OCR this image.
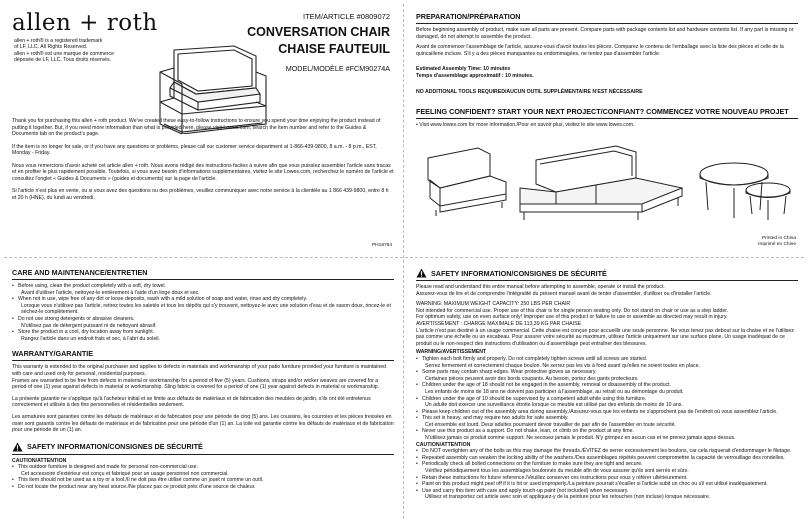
allen + roth
allen + roth® is a registered trademark
of LF, LLC. All Rights Reserved.
allen + roth® est une marque de commerce
déposée de LF, LLC. Tous droits réservés.
ITEM/ARTICLE #0809072
CONVERSATION CHAIR
CHAISE FAUTEUIL
MODEL/MODÈLE #FCM90274A

Thank you for purchasing this allen + roth product. We've created these easy-to-follow instructions to ensure you spend your time enjoying the product instead of putting it together. But, if you need more information than what is provided here, please visit Lowes.com, search the item number and refer to the Guides & Documents tab on the product's page.

If the item is no longer for sale, or if you have any questions or problems, please call our customer service department at 1-866-439-9800, 8 a.m. - 8 p.m., EST, Monday - Friday.

Nous vous remercions d'avoir acheté cet article allen + roth. Nous avons rédigé des instructions faciles à suivre afin que vous puissiez assembler l'article sans tracas et en profiter le plus rapidement possible. Toutefois, si vous avez besoin d'informations supplémentaires, visitez le site Lowes.com, recherchez le numéro de l'article et consultez l'onglet « Guides & Documents » (guides et documents) sur la page de l'article.

Si l'article n'est plus en vente, ou si vous avez des questions ou des problèmes, veuillez communiquer avec notre service à la clientèle au 1 866 439-9800, entre 8 h et 20 h (HNE), du lundi au vendredi.

PH18784
PREPARATION/PRÉPARATION
Before beginning assembly of product, make sure all parts are present. Compare parts with package contents list and hardware contents list. If any part is missing or damaged, do not attempt to assemble the product.
Avant de commencer l'assemblage de l'article, assurez-vous d'avoir toutes les pièces. Comparez le contenu de l'emballage avec la liste des pièces et celle de la quincaillerie incluse. S'il y a des pièces manquantes ou endommagées, ne tentez pas d'assembler l'article.
Estimated Assembly Time: 10 minutes
Temps d'assemblage approximatif : 10 minutes.
NO ADDITIONAL TOOLS REQUIRED/AUCUN OUTIL SUPPLÉMENTAIRE N'EST NÉCESSAIRE
FEELING CONFIDENT? START YOUR NEXT PROJECT/CONFIANT? COMMENCEZ VOTRE NOUVEAU PROJET
• Visit www.lowes.com for more information./Pour en savoir plus, visitez le site www.lowes.com.
Printed in China
Imprimé en Chine
CARE AND MAINTENANCE/ENTRETIEN
• Before using, clean the product completely with a soft, dry towel.
Avant d'utiliser l'article, nettoyez-le entièrement à l'aide d'un linge doux et sec.
• When not in use, wipe free of any dirt or loose deposits, wash with a mild solution of soap and water, rinse and dry completely.
Lorsque vous n'utilisez pas l'article, retirez toutes les saletés et tous les dépôts qui s'y trouvent, nettoyez-le avec une solution d'eau et de savon doux, rincez-le et séchez-le complètement.
• Do not use strong detergents or abrasive cleaners.
N'utilisez pas de détergent puissant ni de nettoyant abrasif.
• Store the product in a cool, dry location away from sunlight.
Rangez l'article dans un endroit frais et sec, à l'abri du soleil.
WARRANTY/GARANTIE
This warranty is extended to the original purchaser and applies to defects in materials and workmanship of your patio furniture provided your furniture is maintained with care and used only for personal, residential purposes.
Frames are warranted to be free from defects in material or workmanship for a period of five (5) years. Cushions, straps and/or wicker weaves are covered for a period of one (1) year against defects in material or workmanship. Sling fabric is covered for a period of one (1) year against defects in material or workmanship.
La présente garantie ne s'applique qu'à l'acheteur initial et se limite aux défauts de matériaux et de fabrication des meubles de jardin, s'ils ont été entretenus correctement et utilisés à des fins personnelles et résidentielles seulement.
Les armatures sont garanties contre les défauts de matériaux et de fabrication pour une période de cinq (5) ans. Les coussins, les courroies et les pièces tressées en osier sont garantis contre les défauts de matériaux et de fabrication pour une période d'un (1) an. La toile est garantie contre les défauts de matériaux et de fabrication pour une période de un (1) an.
SAFETY INFORMATION/CONSIGNES DE SÉCURITÉ
CAUTION/ATTENTION
• This outdoor furniture is designed and made for personal non-commercial use.
Cet accessoire d'extérieur est conçu et fabriqué pour un usage personnel non commercial.
• This item should not be used as a toy or a tool./Il ne doit pas être utilisé comme un jouet ni comme un outil.
• Do not locate the product near any heat source./Ne placez pas ce produit près d'une source de chaleur.
SAFETY INFORMATION/CONSIGNES DE SÉCURITÉ
Please read and understand this entire manual before attempting to assemble, operate or install the product.
Assurez-vous de lire et de comprendre l'intégralité du présent manuel avant de tenter d'assembler, d'utiliser ou d'installer l'article.
WARNING: MAXIMUM WEIGHT CAPACITY: 250 LBS PER CHAIR
Not intended for commercial use. Proper use of this chair is for single person seating only. Do not stand on chair or use as a step ladder.
For optimum safety, use on even surface only! Improper use of this product or failure to use or assemble as directed may result in injury.
AVERTISSEMENT : CHARGE MAXIMALE DE 113,39 KG PAR CHAISE
L'article n'est pas destiné à un usage commercial. Cette chaise est conçue pour accueillir une seule personne. Ne vous tenez pas debout sur la chaise et ne l'utilisez pas comme une échelle ou un escabeau. Pour assurer votre sécurité au maximum, utilisez l'article uniquement sur une surface plane. Un usage inadéquat de ce produit ou le non-respect des instructions d'utilisation ou d'assemblage peut entraîner des blessures.
WARNING/AVERTISSEMENT
• Tighten each bolt firmly and properly. Do not completely tighten screws until all screws are started.
Serrez fermement et correctement chaque boulon. Ne serrez pas les vis à fond avant qu'elles ne soient toutes en place.
• Some parts may contain sharp edges. Wear protective gloves as necessary.
Certaines pièces peuvent avoir des bords coupants. Au besoin, portez des gants protecteurs.
• Children under the age of 18 should not be engaged in the assembly, removal or disassembly of the product.
Les enfants de moins de 18 ans ne doivent pas participer à l'assemblage, au retrait ou au démontage du produit.
• Children under the age of 10 should be supervised by a competent adult while using this furniture.
Un adulte doit exercer une surveillance étroite lorsque ce meuble est utilisé par des enfants de moins de 10 ans.
• Please keep children out of the assembly area during assembly./Assurez-vous que les enfants ne s'approchent pas de l'endroit où vous assemblez l'article.
• This set is heavy, and may require two adults for safe assembly.
Cet ensemble est lourd. Deux adultes pourraient devoir travailler de pair afin de l'assembler en toute sécurité.
• Never use this product as a support. Do not shake, lean, or climb on the product at any time.
N'utilisez jamais ce produit comme support. Ne secouez jamais le produit. N'y grimpez en aucun cas et ne prenez jamais appui dessus.
CAUTION/ATTENTION
• Do NOT overtighten any of the bolts as this may damage the threads./ÉVITEZ de serrer excessivement les boulons, car cela risquerait d'endommager le filetage.
• Repeated assembly can weaken the locking ability of the washers./Des assemblages répétés peuvent compromettre la capacité de verrouillage des rondelles.
• Periodically check all bolted connections on the furniture to make sure they are tight and secure.
Vérifiez périodiquement tous les assemblages boulonnés du meuble afin de vous assurer qu'ils sont serrés et sûrs.
• Retain these instructions for future reference./Veuillez conserver ces instructions pour vous y référer ultérieurement.
• Paint on this product might peel off if it is hit or used improperly./La peinture pourrait s'écailler si l'article subit un choc ou s'il est utilisé inadéquatement.
• Use and carry this item with care and apply touch-up paint (not included) when necessary.
Utilisez et transportez cet article avec soin et appliquez-y de la peinture pour les retouches (non incluse) lorsque nécessaire.
